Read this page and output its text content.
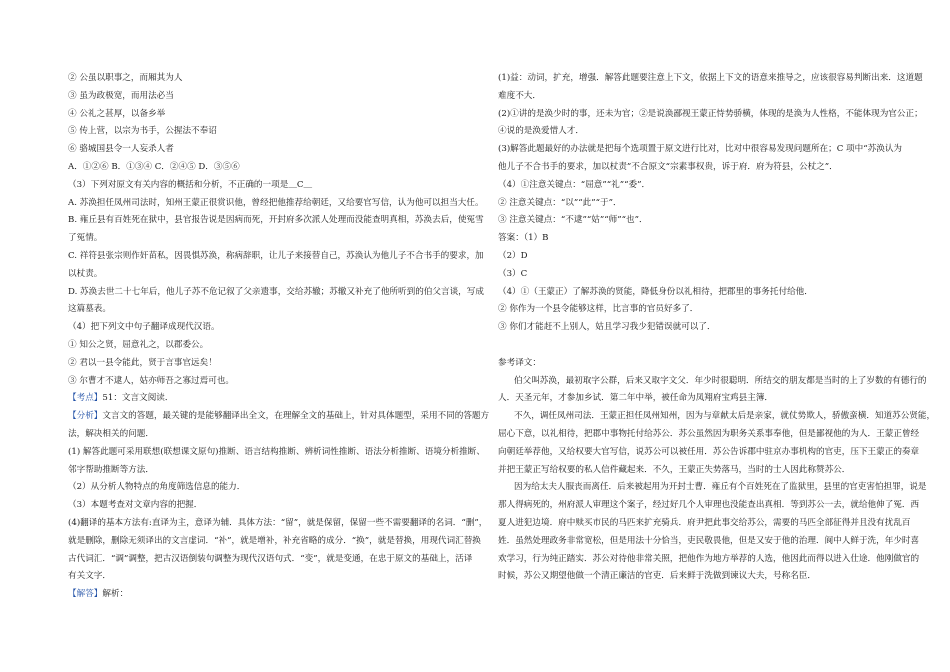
② 公虽以职事之，而厢其为人
③ 虽为政极宽，而用法必当
④ 公礼之甚厚，以备乡举
⑤ 传上营，以宗为书手，公握法不奉诏
⑥ 骆城国县令一人妄杀人者
A．①②⑥ B．①③④ C．②④⑤ D．③⑤⑥
（3）下列对原文有关内容的概括和分析，不正确的一项是＿C＿
A. 苏涣担任凤州司法时，知州王蒙正很赏识他，曾经把他推荐给朝廷，又给要官写信，认为他可以担当大任。
B. 雍丘县有百姓死在狱中，县官报告说是因病而死，开封府多次派人处理而没能查明真相，苏涣去后，使冤雪
了冤情。
C. 祥符县张宗则作奸苗私，因畏惧苏涣，称病辞职，让儿子来接替自己，苏涣认为他儿子不合书手的要求，加
以杖责。
D. 苏涣去世二十七年后，他儿子苏不危记叙了父亲遗事，交给苏辙；苏辙又补充了他所听到的伯父言谈，写成
这篇墓表。
（4）把下列文中句子翻译成现代汉语。
① 知公之贤，屈意礼之，以郡委公。
② 君以一县令能此，贤于言事官远矣！
③ 尔曹才不逮人，姑亦师吾之寡过焉可也。
【考点】51：文言文阅读．
【分析】文言文的答题，最关键的是能够翻译出全文，在理解全文的基础上，针对具体题型，采用不同的答题方
法，解决相关的问题．
(1) 解答此题可采用联想(联想课文原句)推断、语言结构推断、辨析词性推断、语法分析推断、语境分析推断、
邻字帮助推断等方法．
（2）从分析人物特点的角度筛选信息的能力．
（3）本题考查对文章内容的把握．
(4)翻译的基本方法有:直译为主，意译为辅．具体方法：“留”，就是保留，保留一些不需要翻译的名词．“删”，
就是删除，删除无须译出的文言虚词．“补”，就是增补，补充省略的成分．“换”，就是替换，用现代词汇替换
古代词汇．“调”调整，把古汉语倒装句调整为现代汉语句式．“变”，就是变通，在忠于原文的基础上，活译
有关文字．
【解答】解析：
(1)益：动词，扩充，增强．解答此题要注意上下文，依据上下文的语意来推导之，应该很容易判断出来．这道题
难度不大．
(2)①讲的是涣少时的事，还未为官；②是说涣鄙视王蒙正恃势骄横，体现的是涣为人性格，不能体现为官公正；
④说的是涣爱惜人才．
(3)解答此题最好的办法就是把每个选项置于原文进行比对，比对中很容易发现问题所在；C 项中“苏涣认为
他儿子不合书手的要求，加以杖责”不合原文“宗素事权贵，诉于府．府为符县，公杖之”．
（4）①注意关键点：“屈意”“礼”“委”．
② 注意关键点：“以”“此”“于”．
③ 注意关键点：“不逮”“姑”“师”“也”．
答案：（1）B
（2）D
（3）C
（4）①（王蒙正）了解苏涣的贤能，降低身份以礼相待，把郡里的事务托付给他．
② 你作为一个县令能够这样，比言事的官员好多了．
③ 你们才能赶不上别人，姑且学习我少犯错误就可以了．
参考译文：
伯父叫苏涣，最初取字公群，后来又取字文父．年少时很聪明．所结交的朋友都是当时的上了岁数的有德行的
人．天圣元年，才参加乡试．第二年中举，被任命为凤翔府宝鸡县主簿．
不久，调任凤州司法．王蒙正担任凤州知州，因为与章献太后是亲家，就仗势欺人，骄傲蛮横．知道苏公贤能，
屈心下意，以礼相待，把郡中事物托付给苏公．苏公虽然因为职务关系事奉他，但是鄙视他的为人．王蒙正曾经
向朝廷举荐他，又给权要大官写信，说苏公可以被任用．苏公告诉郡中驻京办事机构的官吏，压下王蒙正的奏章
并把王蒙正写给权要的私人信件藏起来．不久，王蒙正失势落马，当时的士人因此称赞苏公．
因为给太夫人服丧而离任．后来被起用为开封士曹．雍丘有个百姓死在了监狱里，县里的官吏害怕担罪，说是
那人得病死的，州府派人审理这个案子，经过好几个人审理也没能查出真相．等到苏公一去，就给他伸了冤．西
夏人进犯边境．府中赎买市民的马匹来扩充骑兵．府尹把此事交给苏公，需要的马匹全部征得并且没有扰乱百
姓．虽然处理政务非常宽松，但是用法十分恰当，吏民敬畏他，但是又安于他的治理．阆中人鲜于洗，年少时喜
欢学习，行为纯正踏实．苏公对待他非常关照，把他作为地方举荐的人选，他因此而得以进入仕途．他刚做官的
时候，苏公又期望他做一个清正廉洁的官吏．后来鲜于洗做到谏议大夫，号称名臣．
